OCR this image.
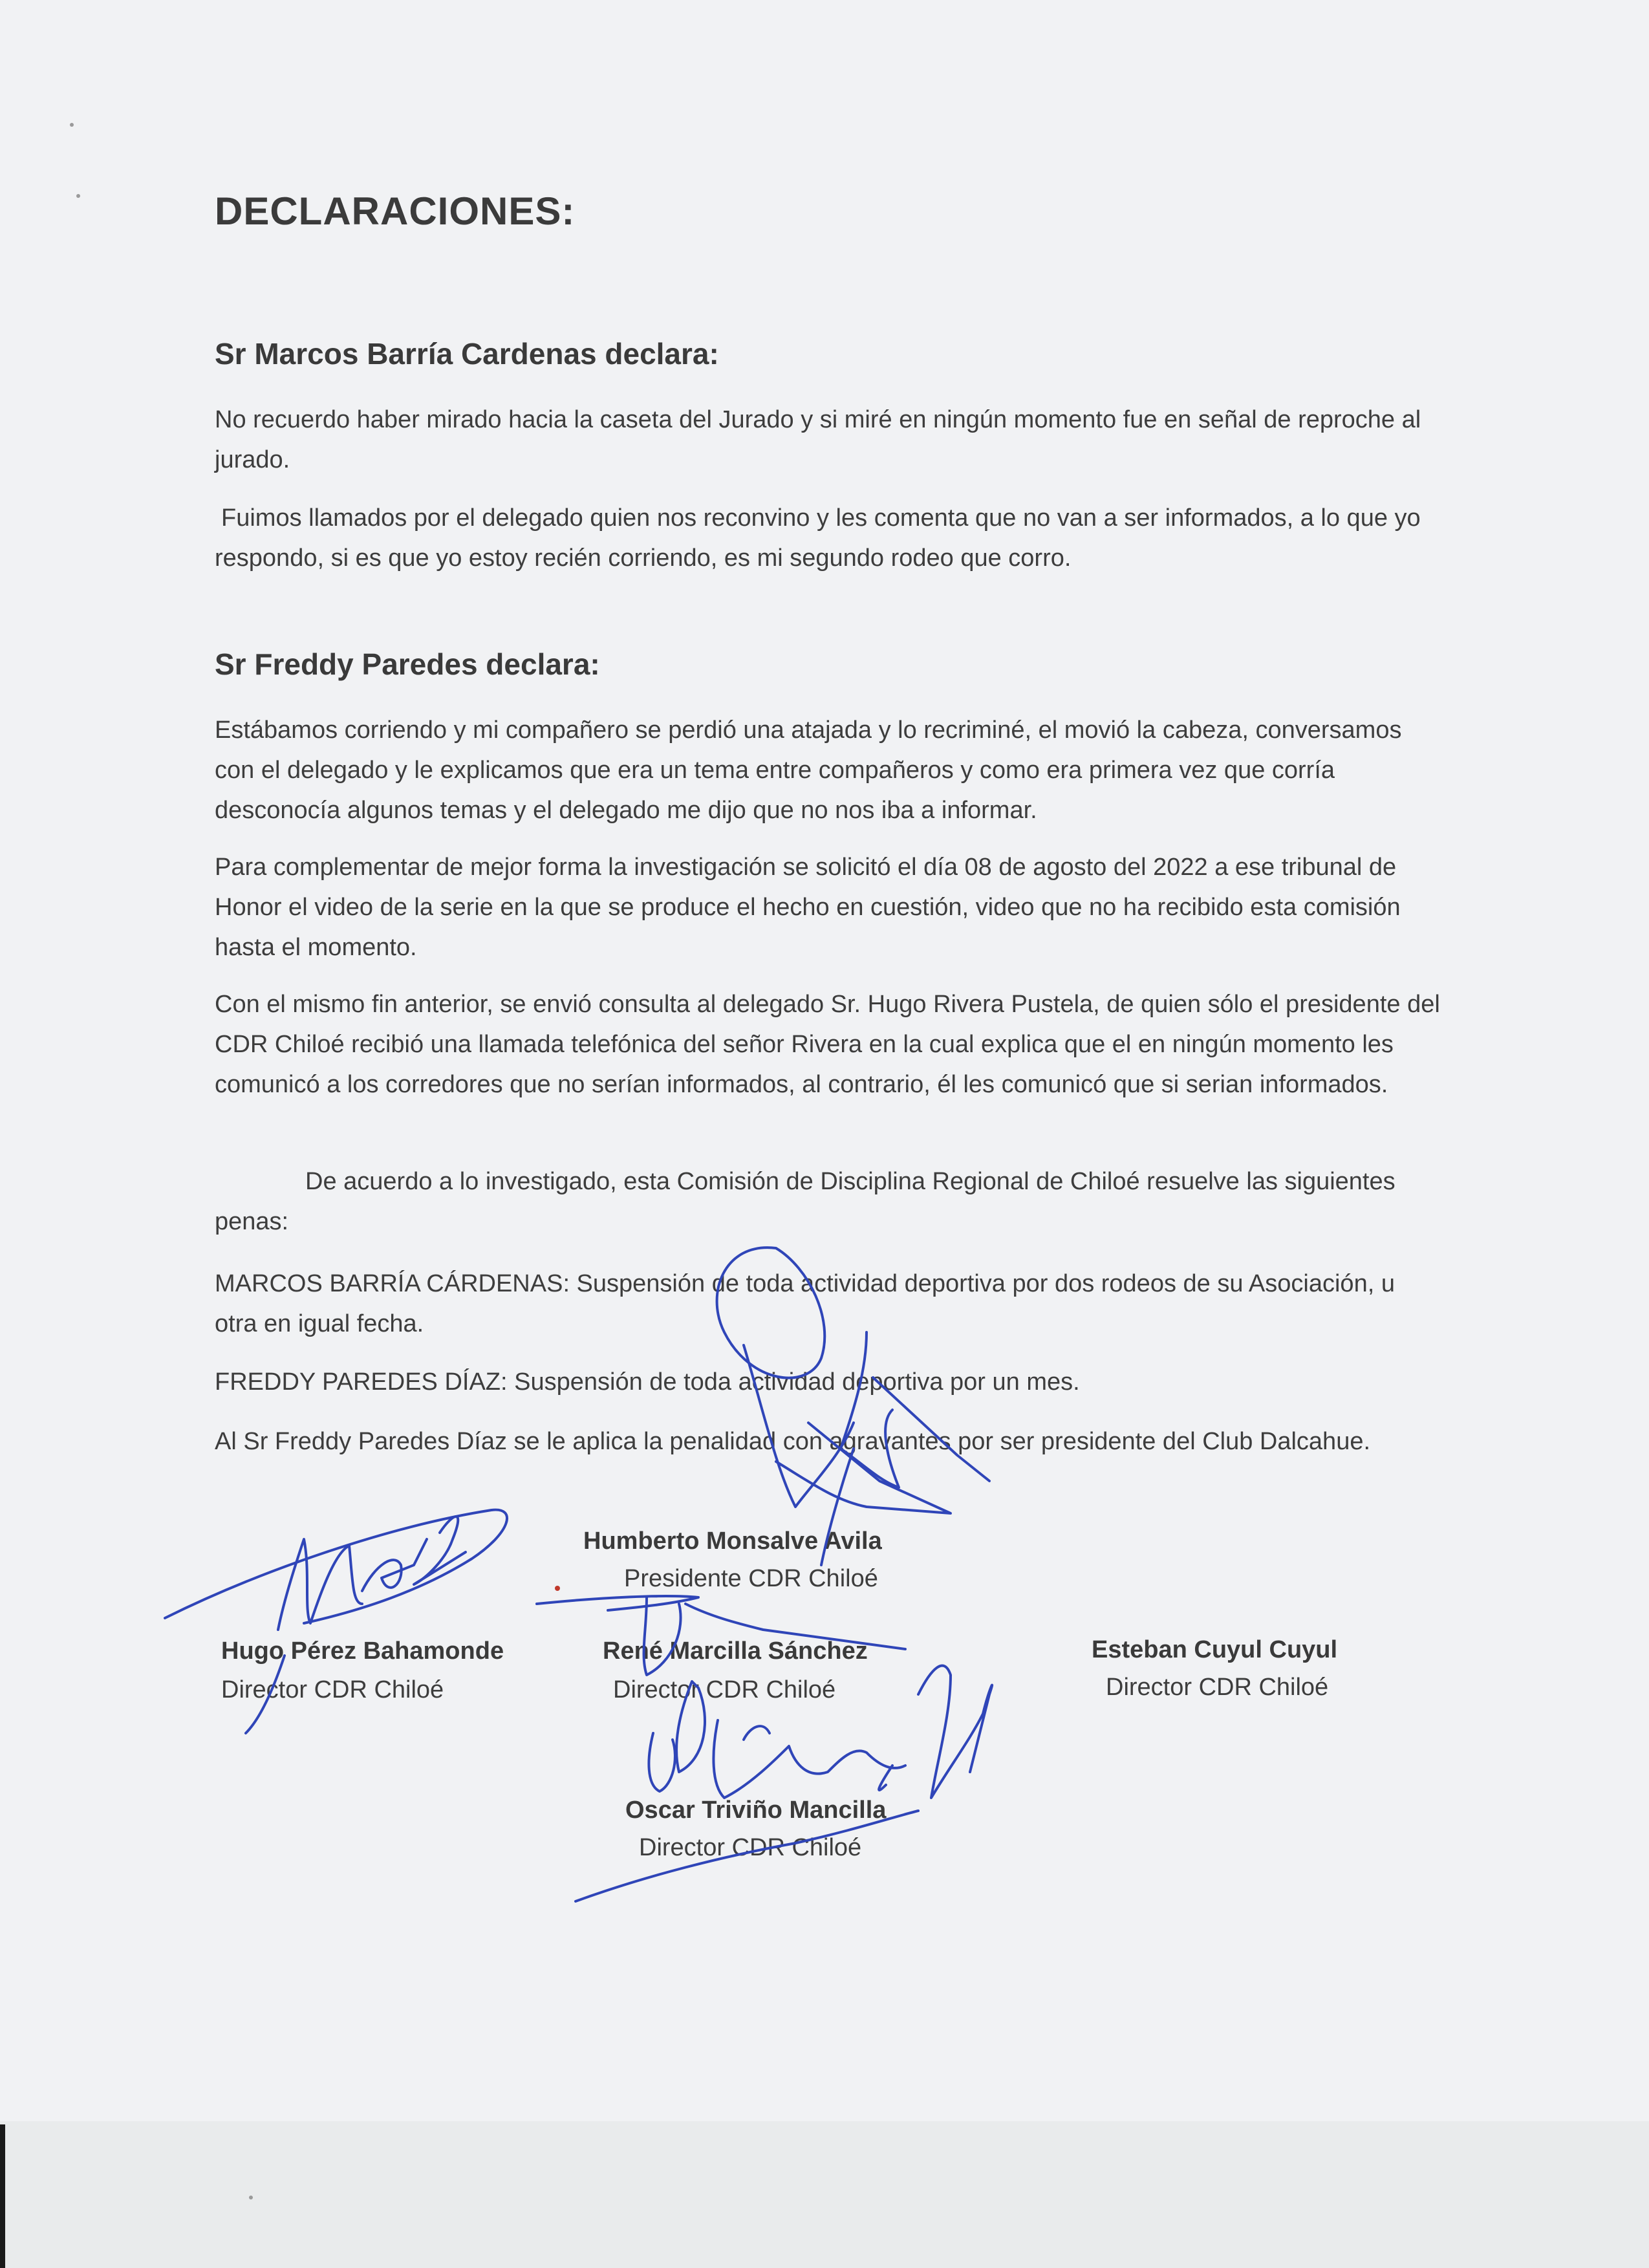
DECLARACIONES:
Sr Marcos Barría Cardenas declara:

No recuerdo haber mirado hacia la caseta del Jurado y si miré en ningún momento fue en señal de reproche al jurado.

Fuimos llamados por el delegado quien nos reconvino y les comenta que no van a ser informados, a lo que yo respondo, si es que yo estoy recién corriendo, es mi segundo rodeo que corro.

Sr Freddy Paredes declara:

Estábamos corriendo y mi compañero se perdió una atajada y lo recriminé, el movió la cabeza, conversamos con el delegado y le explicamos que era un tema entre compañeros y como era primera vez que corría desconocía algunos temas y el delegado me dijo que no nos iba a informar.

Para complementar de mejor forma la investigación se solicitó el día 08 de agosto del 2022 a ese tribunal de Honor el video de la serie en la que se produce el hecho en cuestión, video que no ha recibido esta comisión hasta el momento.

Con el mismo fin anterior, se envió consulta al delegado Sr. Hugo Rivera Pustela, de quien sólo el presidente del CDR Chiloé recibió una llamada telefónica del señor Rivera en la cual explica que el en ningún momento les comunicó a los corredores que no serían informados, al contrario, él les comunicó que si serian informados.

De acuerdo a lo investigado, esta Comisión de Disciplina Regional de Chiloé resuelve las siguientes penas:

MARCOS BARRÍA CÁRDENAS: Suspensión de toda actividad deportiva por dos rodeos de su Asociación, u otra en igual fecha.

FREDDY PAREDES DÍAZ: Suspensión de toda actividad deportiva por un mes.

Al Sr Freddy Paredes Díaz se le aplica la penalidad con agravantes por ser presidente del Club Dalcahue.

Humberto Monsalve Avila
Presidente CDR Chiloé
Hugo Pérez Bahamonde
Director CDR Chiloé
René Marcilla Sánchez
Director CDR Chiloé
Esteban Cuyul Cuyul
Director CDR Chiloé
Oscar Triviño Mancilla
Director CDR Chiloé
